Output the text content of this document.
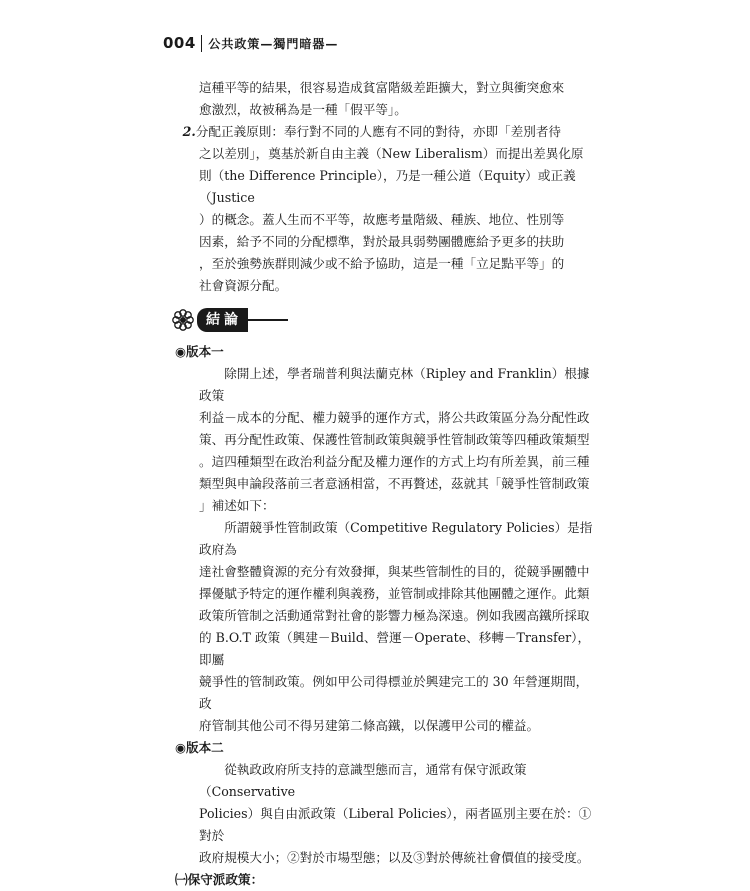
004 公共政策—獨門暗器—

這種平等的結果，很容易造成貧富階級差距擴大，對立與衝突愈來
愈激烈，故被稱為是一種「假平等」。

2.分配正義原則：奉行對不同的人應有不同的對待，亦即「差別者待
之以差別」，奠基於新自由主義（New Liberalism）而提出差異化原
則（the Difference Principle），乃是一種公道（Equity）或正義（Justice
）的概念。蓋人生而不平等，故應考量階級、種族、地位、性別等
因素，給予不同的分配標準，對於最具弱勢團體應給予更多的扶助
，至於強勢族群則減少或不給予協助，這是一種「立足點平等」的
社會資源分配。

結論

◉版本一

除開上述，學者瑞普利與法蘭克林（Ripley and Franklin）根據政策
利益－成本的分配、權力競爭的運作方式，將公共政策區分為分配性政
策、再分配性政策、保護性管制政策與競爭性管制政策等四種政策類型
。這四種類型在政治利益分配及權力運作的方式上均有所差異，前三種
類型與申論段落前三者意涵相當，不再贅述，茲就其「競爭性管制政策
」補述如下：

所謂競爭性管制政策（Competitive Regulatory Policies）是指政府為
達社會整體資源的充分有效發揮，與某些管制性的目的，從競爭團體中
擇優賦予特定的運作權利與義務，並管制或排除其他團體之運作。此類
政策所管制之活動通常對社會的影響力極為深遠。例如我國高鐵所採取
的 B.O.T 政策（興建－Build、營運－Operate、移轉－Transfer），即屬
競爭性的管制政策。例如甲公司得標並於興建完工的 30 年營運期間，政
府管制其他公司不得另建第二條高鐵，以保護甲公司的權益。

◉版本二

從執政政府所支持的意識型態而言，通常有保守派政策（Conservative
Policies）與自由派政策（Liberal Policies），兩者區別主要在於：①對於
政府規模大小；②對於市場型態；以及③對於傳統社會價值的接受度。

㈠保守派政策：
